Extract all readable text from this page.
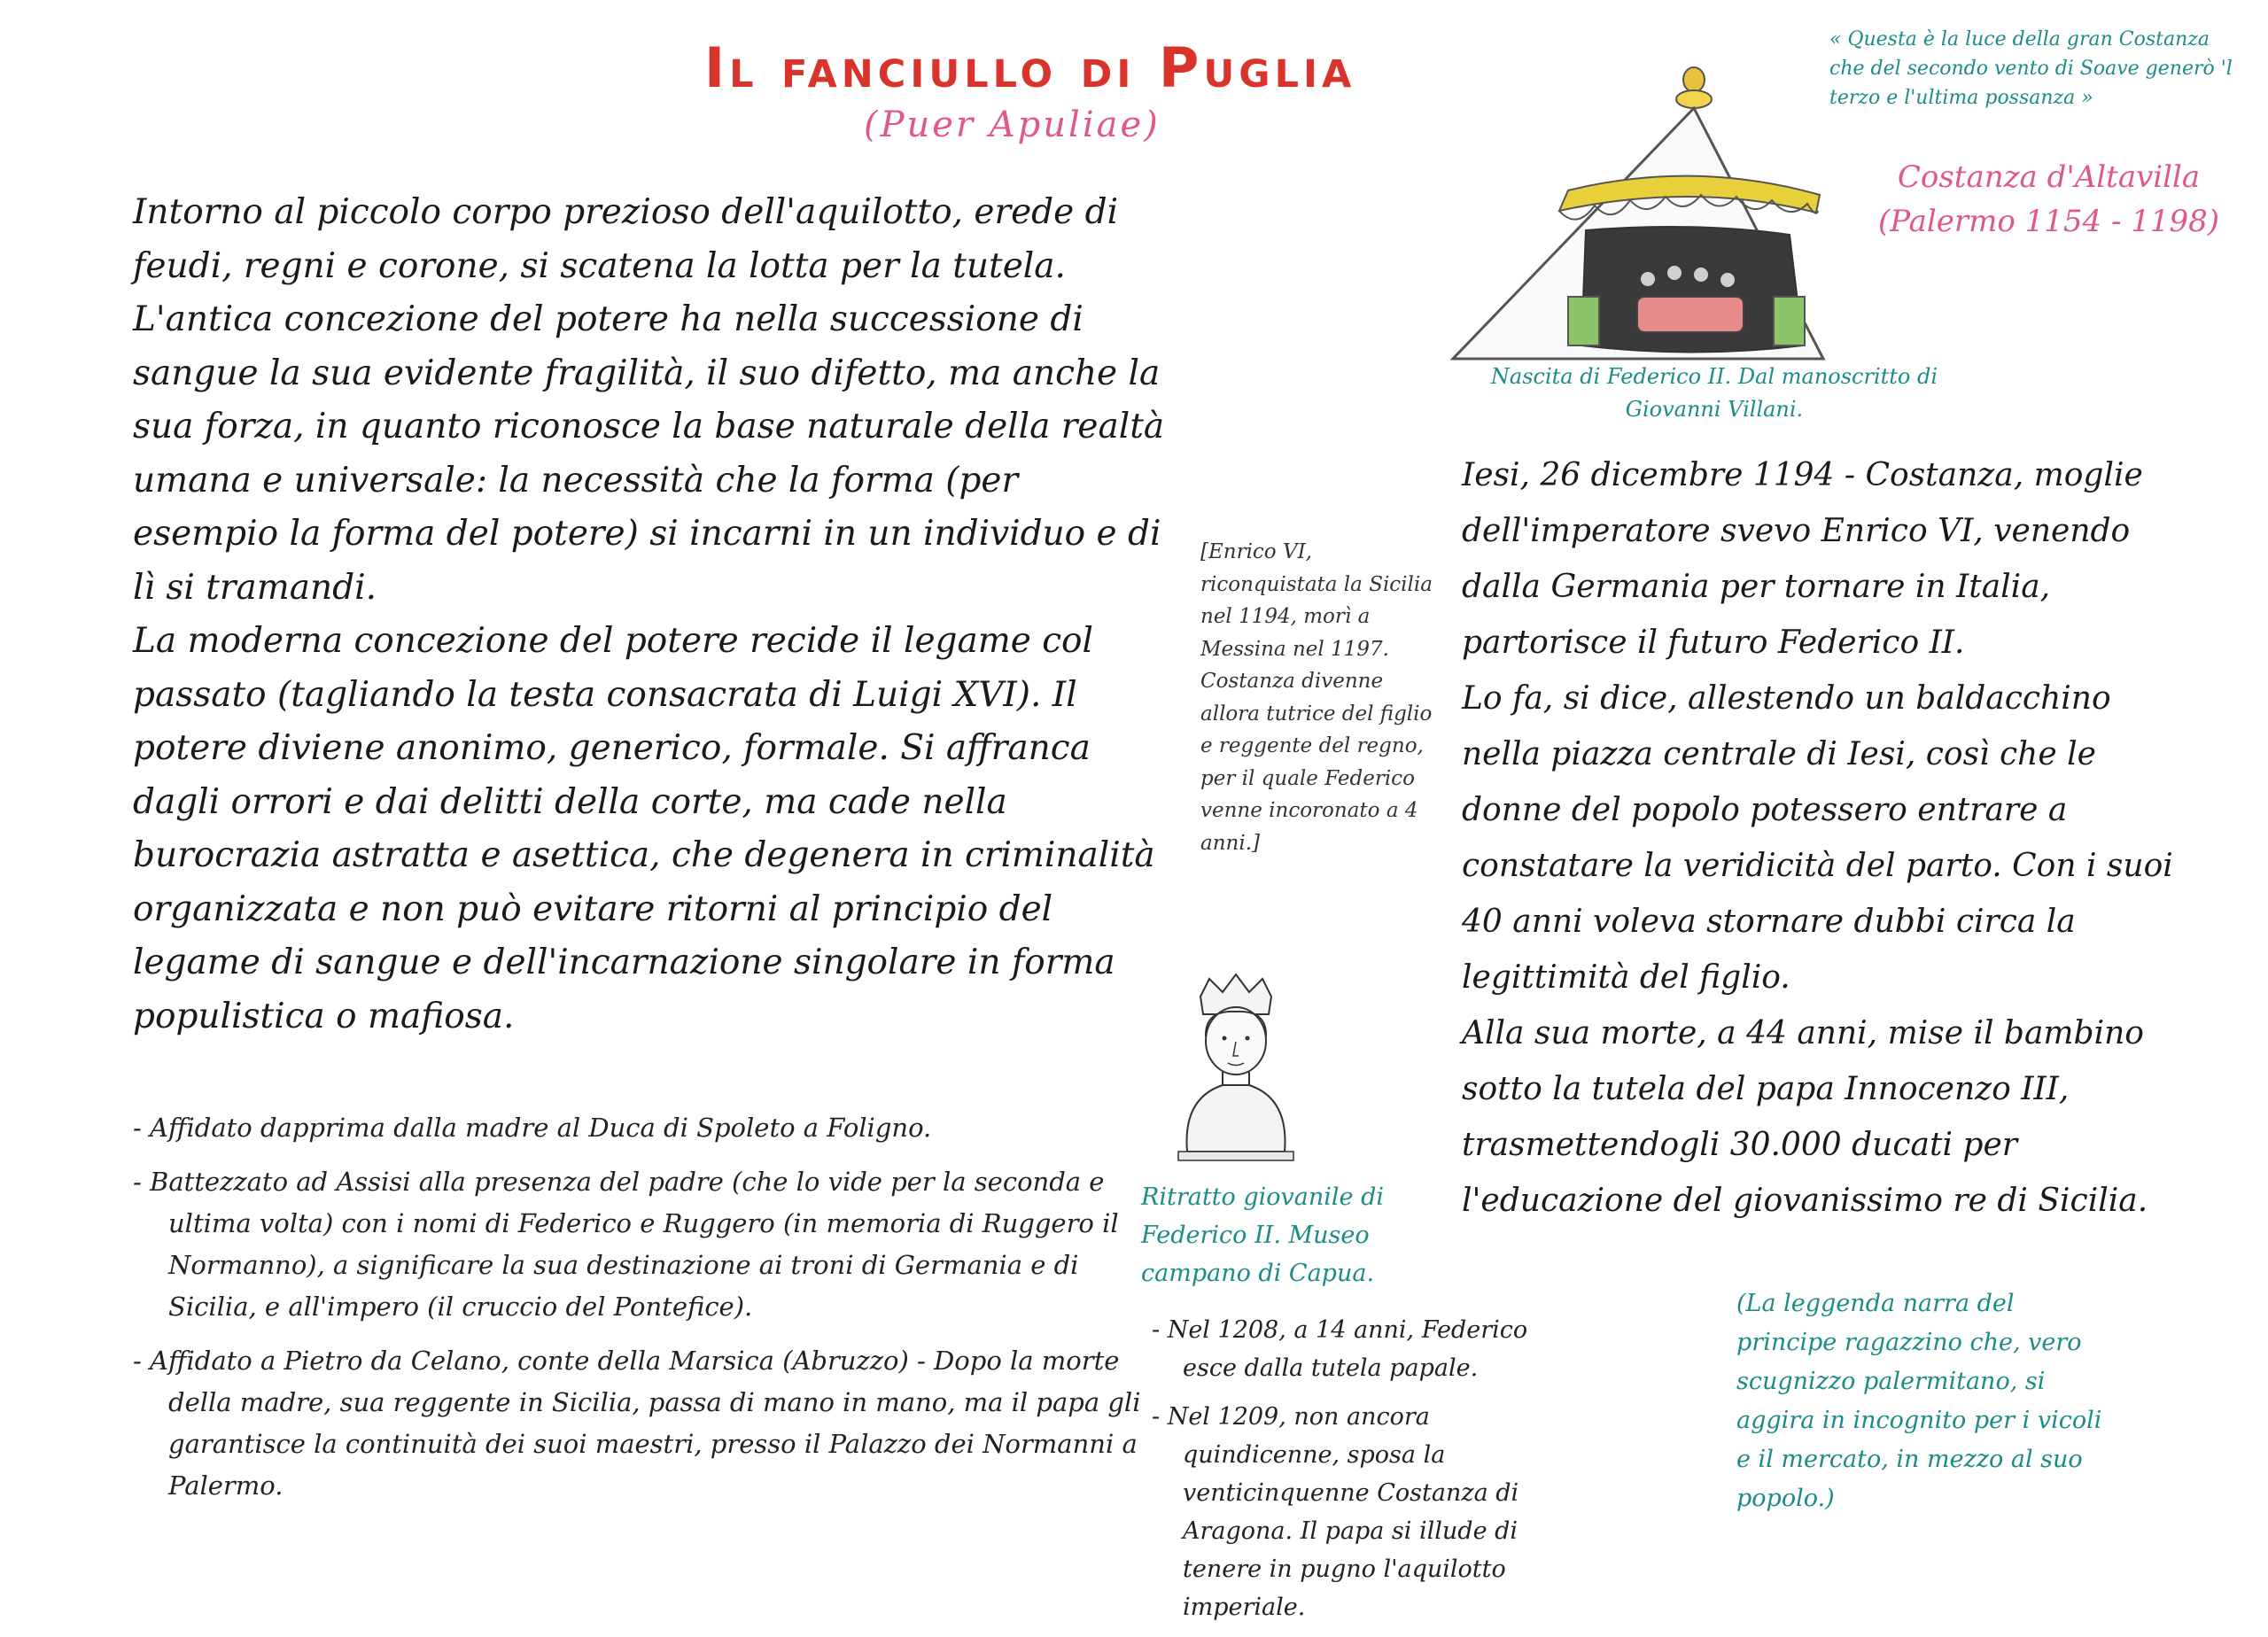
Il fanciullo di Puglia
(Puer Apuliae)

Intorno al piccolo corpo prezioso dell'aquilotto, erede di feudi, regni e corone, si scatena la lotta per la tutela.

L'antica concezione del potere ha nella successione di sangue la sua evidente fragilità, il suo difetto, ma anche la sua forza, in quanto riconosce la base naturale della realtà umana e universale: la necessità che la forma (per esempio la forma del potere) si incarni in un individuo e di lì si tramandi.

La moderna concezione del potere recide il legame col passato (tagliando la testa consacrata di Luigi XVI). Il potere diviene anonimo, generico, formale. Si affranca dagli orrori e dai delitti della corte, ma cade nella burocrazia astratta e asettica, che degenera in criminalità organizzata e non può evitare ritorni al principio del legame di sangue e dell'incarnazione singolare in forma populistica o mafiosa.

- Affidato dapprima dalla madre al Duca di Spoleto a Foligno.

- Battezzato ad Assisi alla presenza del padre (che lo vide per la seconda e ultima volta) con i nomi di Federico e Ruggero (in memoria di Ruggero il Normanno), a significare la sua destinazione ai troni di Germania e di Sicilia, e all'impero (il cruccio del Pontefice).

- Affidato a Pietro da Celano, conte della Marsica (Abruzzo) - Dopo la morte della madre, sua reggente in Sicilia, passa di mano in mano, ma il papa gli garantisce la continuità dei suoi maestri, presso il Palazzo dei Normanni a Palermo.

« Questa è la luce della gran Costanza che del secondo vento di Soave generò 'l terzo e l'ultima possanza »
Costanza d'Altavilla
(Palermo 1154 - 1198)
Nascita di Federico II. Dal manoscritto di Giovanni Villani.

Iesi, 26 dicembre 1194 - Costanza, moglie dell'imperatore svevo Enrico VI, venendo dalla Germania per tornare in Italia, partorisce il futuro Federico II.

Lo fa, si dice, allestendo un baldacchino nella piazza centrale di Iesi, così che le donne del popolo potessero entrare a constatare la veridicità del parto. Con i suoi 40 anni voleva stornare dubbi circa la legittimità del figlio.

Alla sua morte, a 44 anni, mise il bambino sotto la tutela del papa Innocenzo III, trasmettendogli 30.000 ducati per l'educazione del giovanissimo re di Sicilia.

[Enrico VI, riconquistata la Sicilia nel 1194, morì a Messina nel 1197. Costanza divenne allora tutrice del figlio e reggente del regno, per il quale Federico venne incoronato a 4 anni.]
Ritratto giovanile di Federico II. Museo campano di Capua.

- Nel 1208, a 14 anni, Federico esce dalla tutela papale.

- Nel 1209, non ancora quindicenne, sposa la venticinquenne Costanza di Aragona. Il papa si illude di tenere in pugno l'aquilotto imperiale.

(La leggenda narra del principe ragazzino che, vero scugnizzo palermitano, si aggira in incognito per i vicoli e il mercato, in mezzo al suo popolo.)
